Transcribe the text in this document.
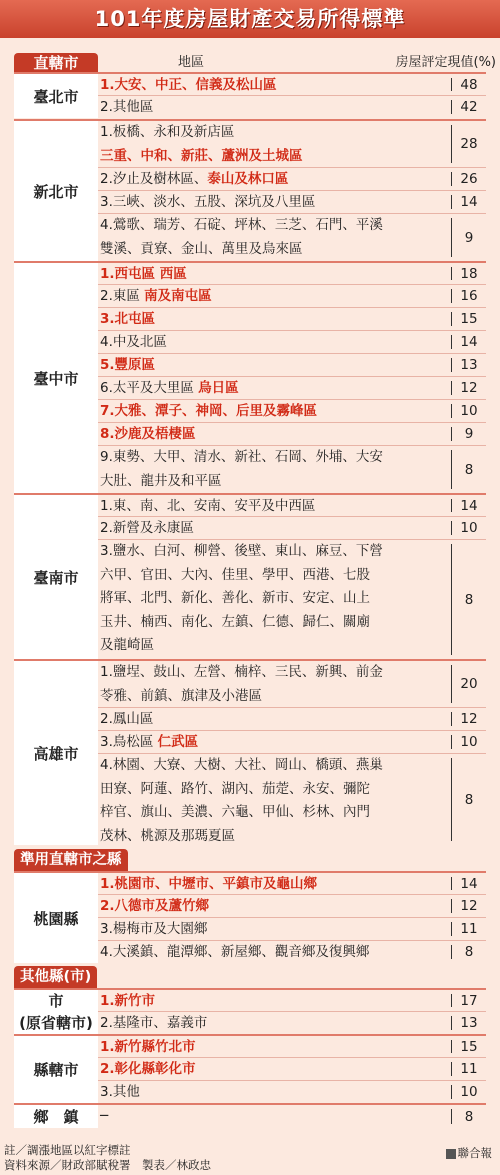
101年度房屋財產交易所得標準
直轄市	地區	房屋評定現值(%)
臺北市
1.大安、中正、信義及松山區	48
2.其他區	42
新北市
1.板橋、永和及新店區
三重、中和、新莊、蘆洲及土城區
28
2.汐止及樹林區、泰山及林口區	26
3.三峽、淡水、五股、深坑及八里區	14
4.鶯歌、瑞芳、石碇、坪林、三芝、石門、平溪
雙溪、貢寮、金山、萬里及烏來區
9
臺中市
1.西屯區 西區	18
2.東區 南及南屯區	16
3.北屯區	15
4.中及北區	14
5.豐原區	13
6.太平及大里區 烏日區	12
7.大雅、潭子、神岡、后里及霧峰區	10
8.沙鹿及梧棲區	9
9.東勢、大甲、清水、新社、石岡、外埔、大安
大肚、龍井及和平區
8
臺南市
1.東、南、北、安南、安平及中西區	14
2.新營及永康區	10
3.鹽水、白河、柳營、後壁、東山、麻豆、下營
六甲、官田、大內、佳里、學甲、西港、七股
將軍、北門、新化、善化、新市、安定、山上
玉井、楠西、南化、左鎮、仁德、歸仁、關廟
及龍崎區
8
高雄市
1.鹽埕、鼓山、左營、楠梓、三民、新興、前金
苓雅、前鎮、旗津及小港區
20
2.鳳山區	12
3.鳥松區 仁武區	10
4.林園、大寮、大樹、大社、岡山、橋頭、燕巢
田寮、阿蓮、路竹、湖內、茄萣、永安、彌陀
梓官、旗山、美濃、六龜、甲仙、杉林、內門
茂林、桃源及那瑪夏區
8
準用直轄市之縣
桃園縣
1.桃園市、中壢市、平鎮市及龜山鄉	14
2.八德市及蘆竹鄉	12
3.楊梅市及大園鄉	11
4.大溪鎮、龍潭鄉、新屋鄉、觀音鄉及復興鄉	8
其他縣(市)
市
(原省轄市)
1.新竹市	17
2.基隆市、嘉義市	13
縣轄市
1.新竹縣竹北市	15
2.彰化縣彰化市	11
3.其他	10
鄉　鎮	─	8
註／調漲地區以紅字標註
資料來源／財政部賦稅署　製表／林政忠
聯合報
